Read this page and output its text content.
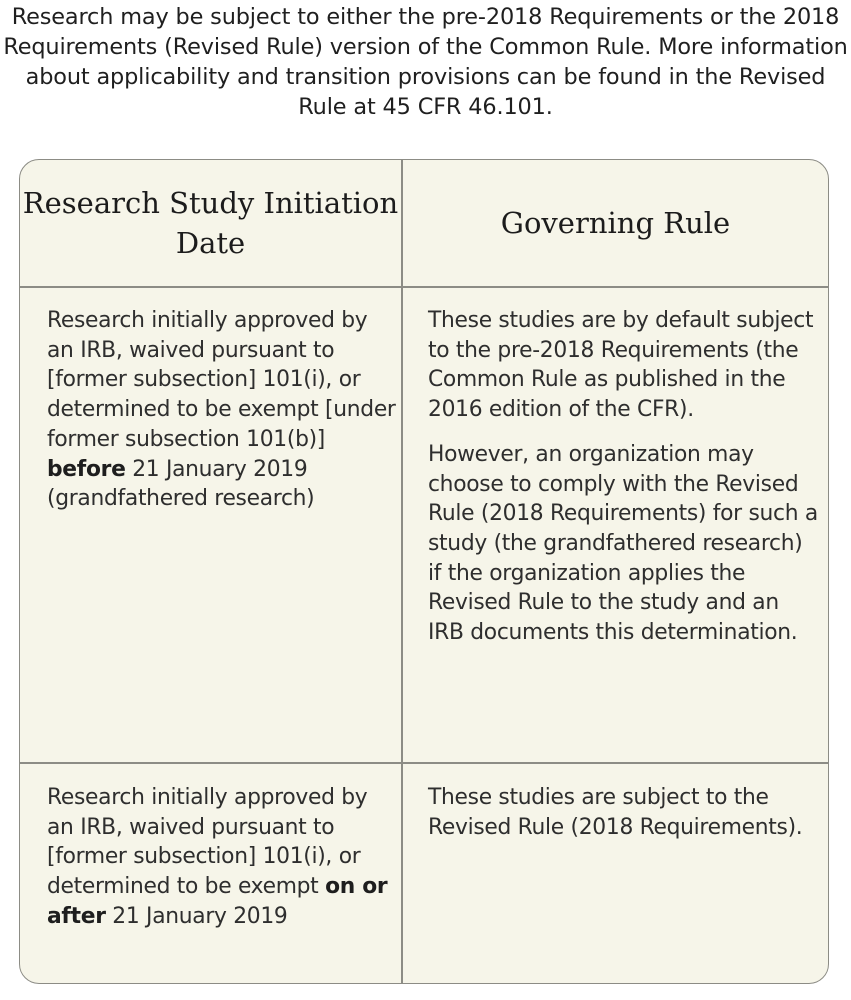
Research may be subject to either the pre-2018 Requirements or the 2018 Requirements (Revised Rule) version of the Common Rule. More information about applicability and transition provisions can be found in the Revised Rule at 45 CFR 46.101.

Research Study Initiation Date
Governing Rule

Research initially approved by an IRB, waived pursuant to [former subsection] 101(i), or determined to be exempt [under former subsection 101(b)] before 21 January 2019 (grandfathered research)

These studies are by default subject to the pre-2018 Requirements (the Common Rule as published in the 2016 edition of the CFR).

However, an organization may choose to comply with the Revised Rule (2018 Requirements) for such a study (the grandfathered research) if the organization applies the Revised Rule to the study and an IRB documents this determination.

Research initially approved by an IRB, waived pursuant to [former subsection] 101(i), or determined to be exempt on or after 21 January 2019

These studies are subject to the Revised Rule (2018 Requirements).
